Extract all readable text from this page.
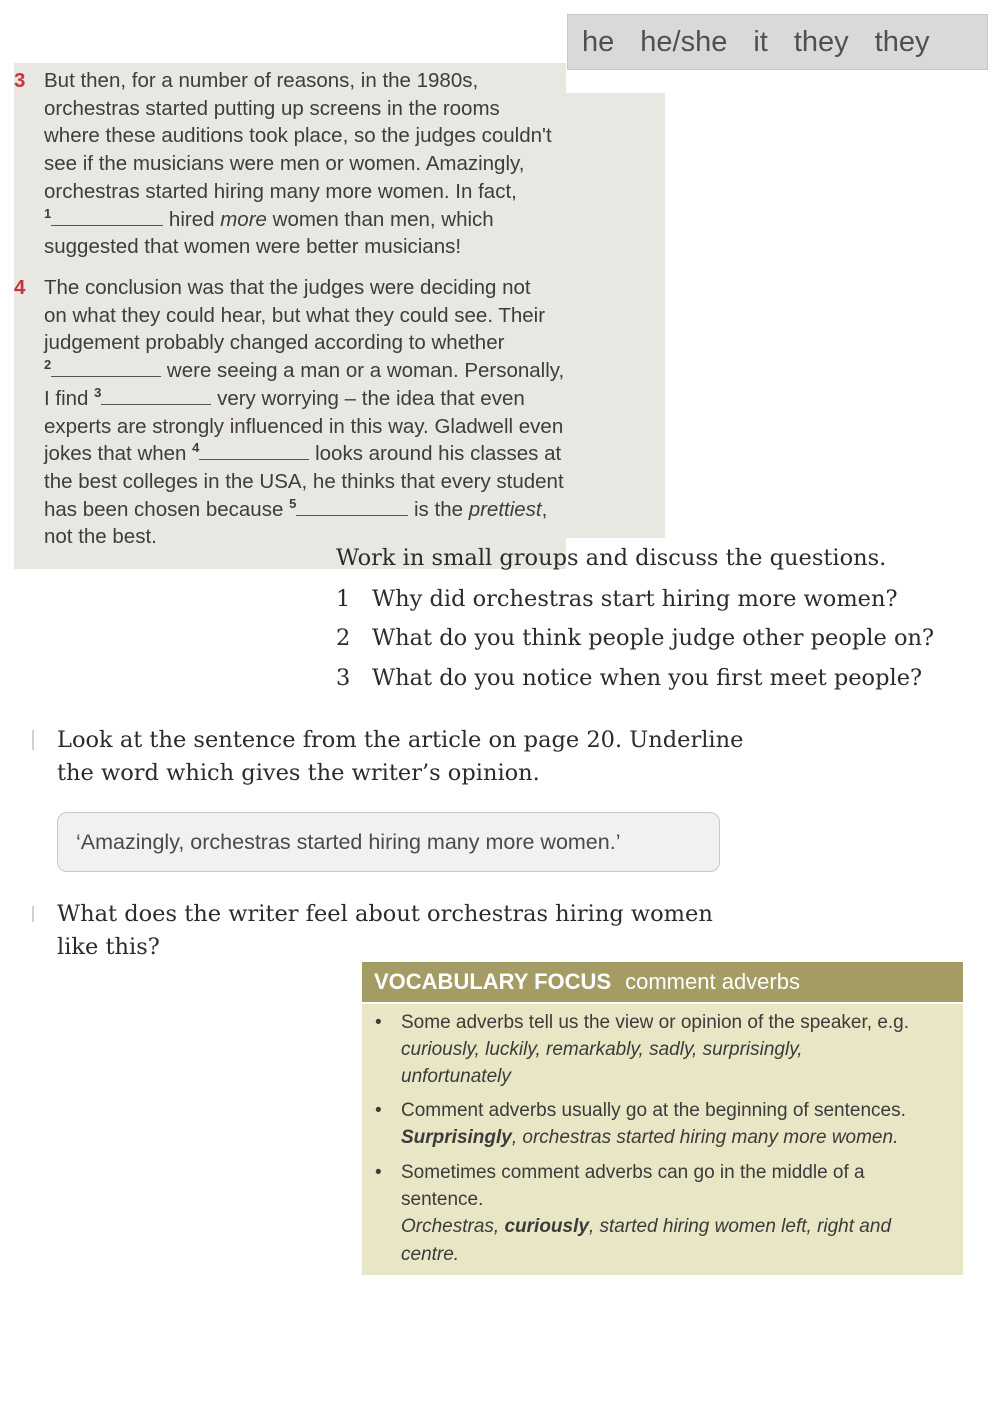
he he/she it they they
3 But then, for a number of reasons, in the 1980s,
orchestras started putting up screens in the rooms
where these auditions took place, so the judges couldn't
see if the musicians were men or women. Amazingly,
orchestras started hiring many more women. In fact,
$^1$	hired more women than men, which
suggested that women were better musicians!
4 The conclusion was that the judges were deciding not
on what they could hear, but what they could see. Their
judgement probably changed according to whether
$^2$	were seeing a man or a woman. Personally,
I find $^3$	very worrying – the idea that even
experts are strongly influenced in this way. Gladwell even
jokes that when $^4$	looks around his classes at
the best colleges in the USA, he thinks that every student
has been chosen because $^5$	is the prettiest,
not the best.
Work in small groups and discuss the questions.
1 Why did orchestras start hiring more women?
2 What do you think people judge other people on?
3 What do you notice when you first meet people?
Look at the sentence from the article on page 20. Underline
the word which gives the writer’s opinion.
‘Amazingly, orchestras started hiring many more women.’
What does the writer feel about orchestras hiring women
like this?
VOCABULARY FOCUS comment adverbs
• Some adverbs tell us the view or opinion of the speaker, e.g.
curiously, luckily, remarkably, sadly, surprisingly,
unfortunately
• Comment adverbs usually go at the beginning of sentences.
Surprisingly, orchestras started hiring many more women.
• Sometimes comment adverbs can go in the middle of a
sentence.
Orchestras, curiously, started hiring women left, right and
centre.
